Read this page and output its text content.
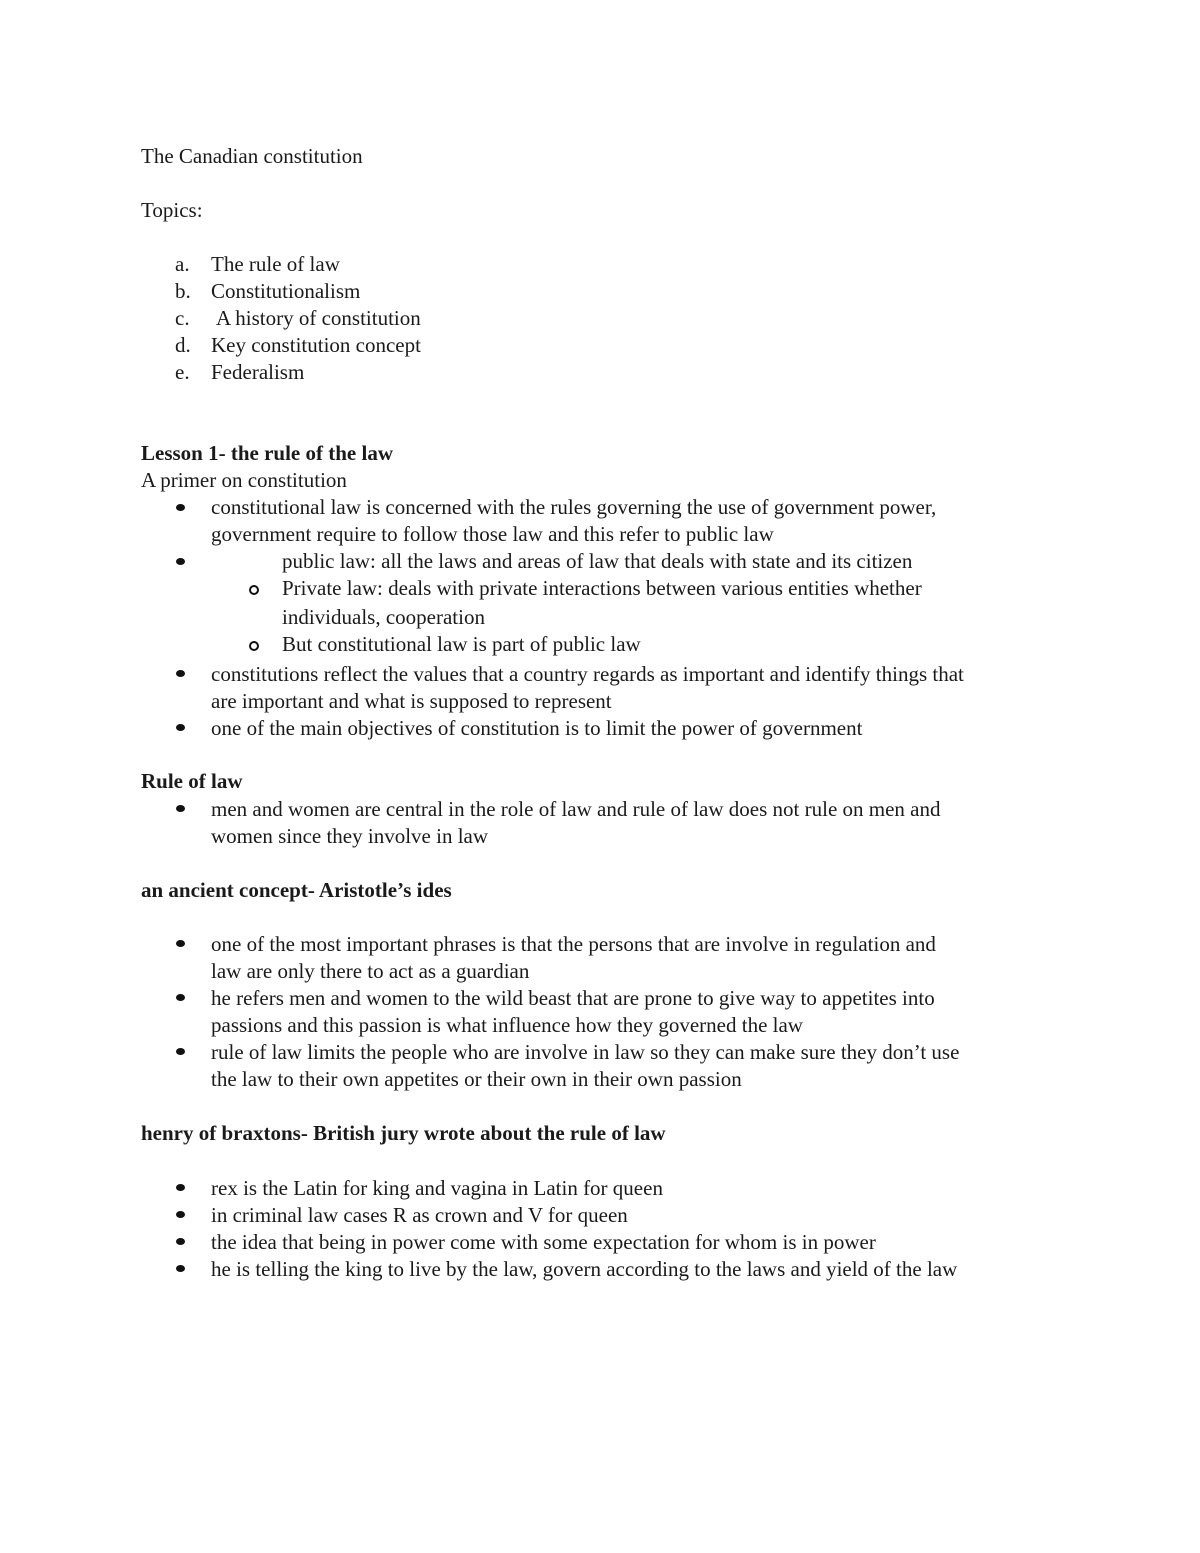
The Canadian constitution
Topics:
a. The rule of law
b. Constitutionalism
c. A history of constitution
d. Key constitution concept
e. Federalism
Lesson 1- the rule of the law
A primer on constitution
constitutional law is concerned with the rules governing the use of government power,
government require to follow those law and this refer to public law
public law: all the laws and areas of law that deals with state and its citizen
Private law: deals with private interactions between various entities whether
individuals, cooperation
But constitutional law is part of public law
constitutions reflect the values that a country regards as important and identify things that
are important and what is supposed to represent
one of the main objectives of constitution is to limit the power of government
Rule of law
men and women are central in the role of law and rule of law does not rule on men and
women since they involve in law
an ancient concept- Aristotle’s ides
one of the most important phrases is that the persons that are involve in regulation and
law are only there to act as a guardian
he refers men and women to the wild beast that are prone to give way to appetites into
passions and this passion is what influence how they governed the law
rule of law limits the people who are involve in law so they can make sure they don’t use
the law to their own appetites or their own in their own passion
henry of braxtons- British jury wrote about the rule of law
rex is the Latin for king and vagina in Latin for queen
in criminal law cases R as crown and V for queen
the idea that being in power come with some expectation for whom is in power
he is telling the king to live by the law, govern according to the laws and yield of the law
